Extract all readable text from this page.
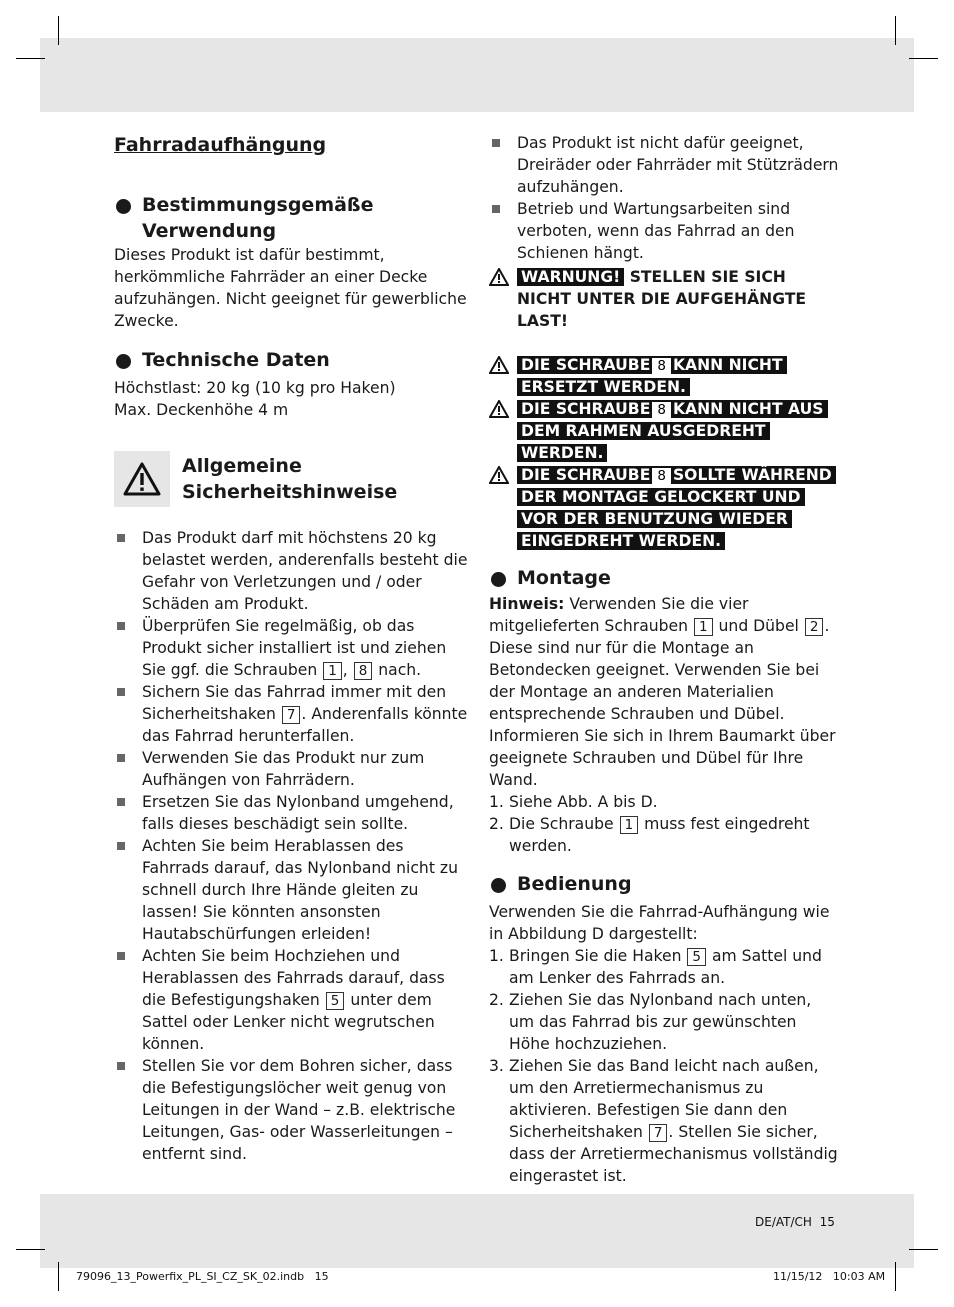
Fahrradaufhängung
Bestimmungsgemäße
Verwendung

Dieses Produkt ist dafür bestimmt, herkömmliche Fahrräder an einer Decke aufzuhängen. Nicht geeignet für gewerbliche Zwecke.

Technische Daten

Höchstlast: 20 kg (10 kg pro Haken)

Max. Deckenhöhe 4 m

Allgemeine
Sicherheitshinweise
Das Produkt darf mit höchstens 20 kg belastet werden, anderenfalls besteht die Gefahr von Verletzungen und / oder Schäden am Produkt.
Überprüfen Sie regelmäßig, ob das Produkt sicher installiert ist und ziehen Sie ggf. die Schrauben 1 , 8 nach.
Sichern Sie das Fahrrad immer mit den Sicherheitshaken 7 . Anderenfalls könnte das Fahrrad herunterfallen.
Verwenden Sie das Produkt nur zum Aufhängen von Fahrrädern.
Ersetzen Sie das Nylonband umgehend, falls dieses beschädigt sein sollte.
Achten Sie beim Herablassen des Fahrrads darauf, das Nylonband nicht zu schnell durch Ihre Hände gleiten zu lassen! Sie könnten ansonsten Hautabschürfungen erleiden!
Achten Sie beim Hochziehen und Herablassen des Fahrrads darauf, dass die Befestigungshaken 5 unter dem Sattel oder Lenker nicht wegrutschen können.
Stellen Sie vor dem Bohren sicher, dass die Befestigungslöcher weit genug von Leitungen in der Wand – z.B. elektrische Leitungen, Gas- oder Wasserleitungen – entfernt sind.
Das Produkt ist nicht dafür geeignet, Dreiräder oder Fahrräder mit Stützrädern aufzuhängen.
Betrieb und Wartungsarbeiten sind verboten, wenn das Fahrrad an den Schienen hängt.
WARNUNG! STELLEN SIE SICH NICHT UNTER DIE AUFGEHÄNGTE LAST!
DIE SCHRAUBE 8 KANN NICHT ERSETZT WERDEN.
DIE SCHRAUBE 8 KANN NICHT AUS DEM RAHMEN AUSGEDREHT WERDEN.
DIE SCHRAUBE 8 SOLLTE WÄHREND DER MONTAGE GELOCKERT UND VOR DER BENUTZUNG WIEDER EINGEDREHT WERDEN.
Montage

Hinweis: Verwenden Sie die vier mitgelieferten Schrauben 1 und Dübel 2 . Diese sind nur für die Montage an Betondecken geeignet. Verwenden Sie bei der Montage an anderen Materialien entsprechende Schrauben und Dübel. Informieren Sie sich in Ihrem Baumarkt über geeignete Schrauben und Dübel für Ihre Wand.

1. Siehe Abb. A bis D.
2. Die Schraube 1 muss fest eingedreht werden.
Bedienung

Verwenden Sie die Fahrrad-Aufhängung wie in Abbildung D dargestellt:

1. Bringen Sie die Haken 5 am Sattel und am Lenker des Fahrrads an.
2. Ziehen Sie das Nylonband nach unten, um das Fahrrad bis zur gewünschten Höhe hochzuziehen.
3. Ziehen Sie das Band leicht nach außen, um den Arretiermechanismus zu aktivieren. Befestigen Sie dann den Sicherheitshaken 7 . Stellen Sie sicher, dass der Arretiermechanismus vollständig eingerastet ist.
DE/AT/CH 15
79096_13_Powerfix_PL_SI_CZ_SK_02.indb 15	11/15/12 10:03 AM
